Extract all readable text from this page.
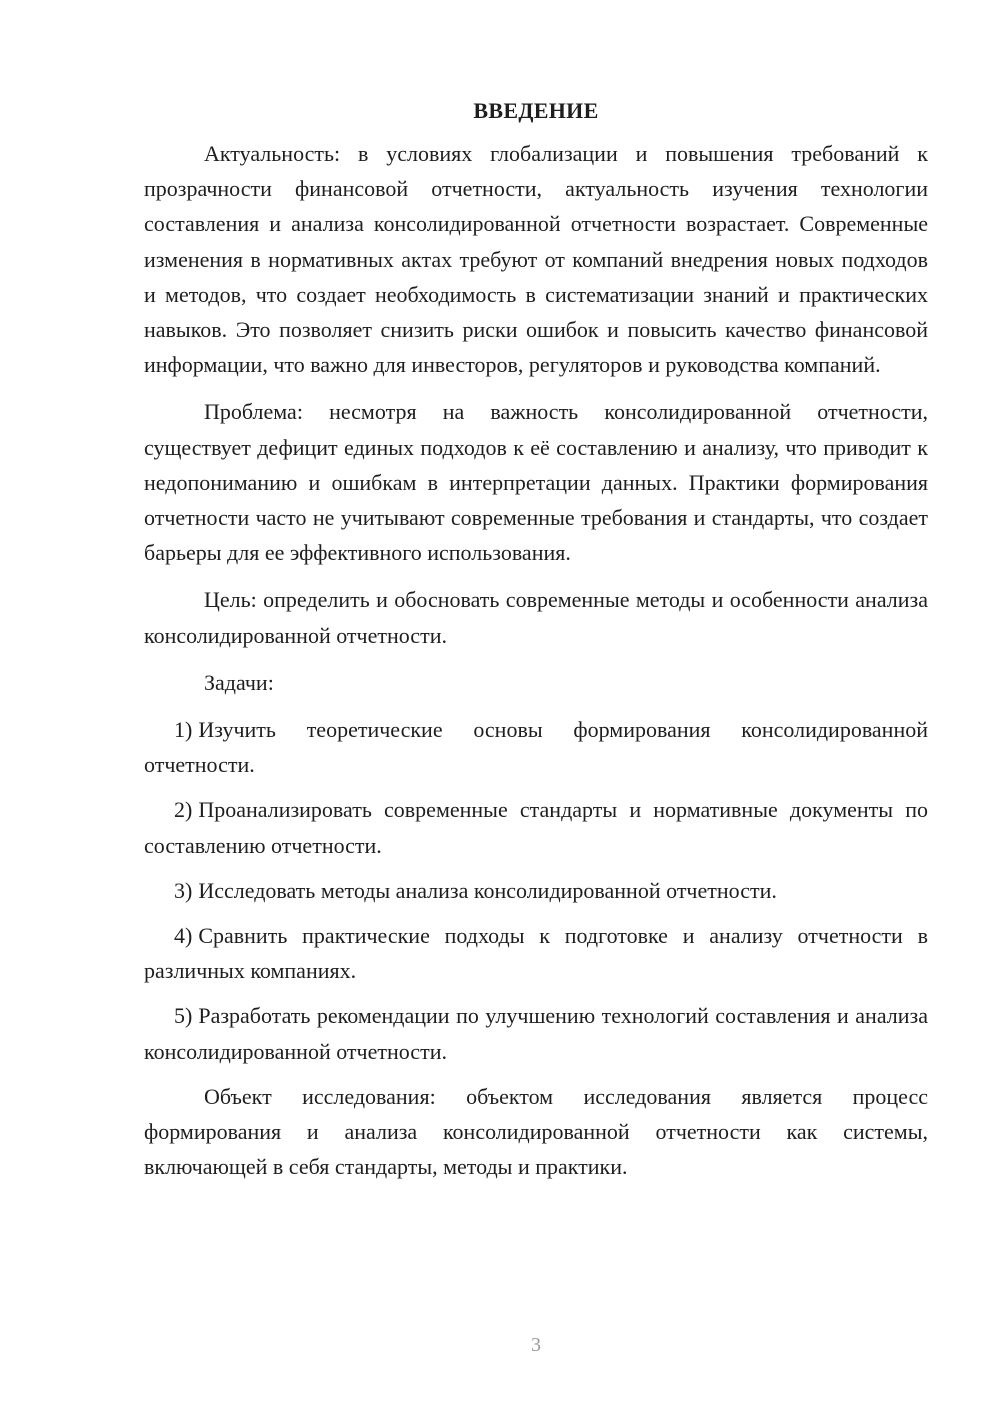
ВВЕДЕНИЕ

Актуальность: в условиях глобализации и повышения требований к прозрачности финансовой отчетности, актуальность изучения технологии составления и анализа консолидированной отчетности возрастает. Современные изменения в нормативных актах требуют от компаний внедрения новых подходов и методов, что создает необходимость в систематизации знаний и практических навыков. Это позволяет снизить риски ошибок и повысить качество финансовой информации, что важно для инвесторов, регуляторов и руководства компаний.

Проблема: несмотря на важность консолидированной отчетности, существует дефицит единых подходов к её составлению и анализу, что приводит к недопониманию и ошибкам в интерпретации данных. Практики формирования отчетности часто не учитывают современные требования и стандарты, что создает барьеры для ее эффективного использования.

Цель: определить и обосновать современные методы и особенности анализа консолидированной отчетности.

Задачи:

1) Изучить теоретические основы формирования консолидированной отчетности.

2) Проанализировать современные стандарты и нормативные документы по составлению отчетности.

3) Исследовать методы анализа консолидированной отчетности.

4) Сравнить практические подходы к подготовке и анализу отчетности в различных компаниях.

5) Разработать рекомендации по улучшению технологий составления и анализа консолидированной отчетности.

Объект исследования: объектом исследования является процесс формирования и анализа консолидированной отчетности как системы, включающей в себя стандарты, методы и практики.

3
